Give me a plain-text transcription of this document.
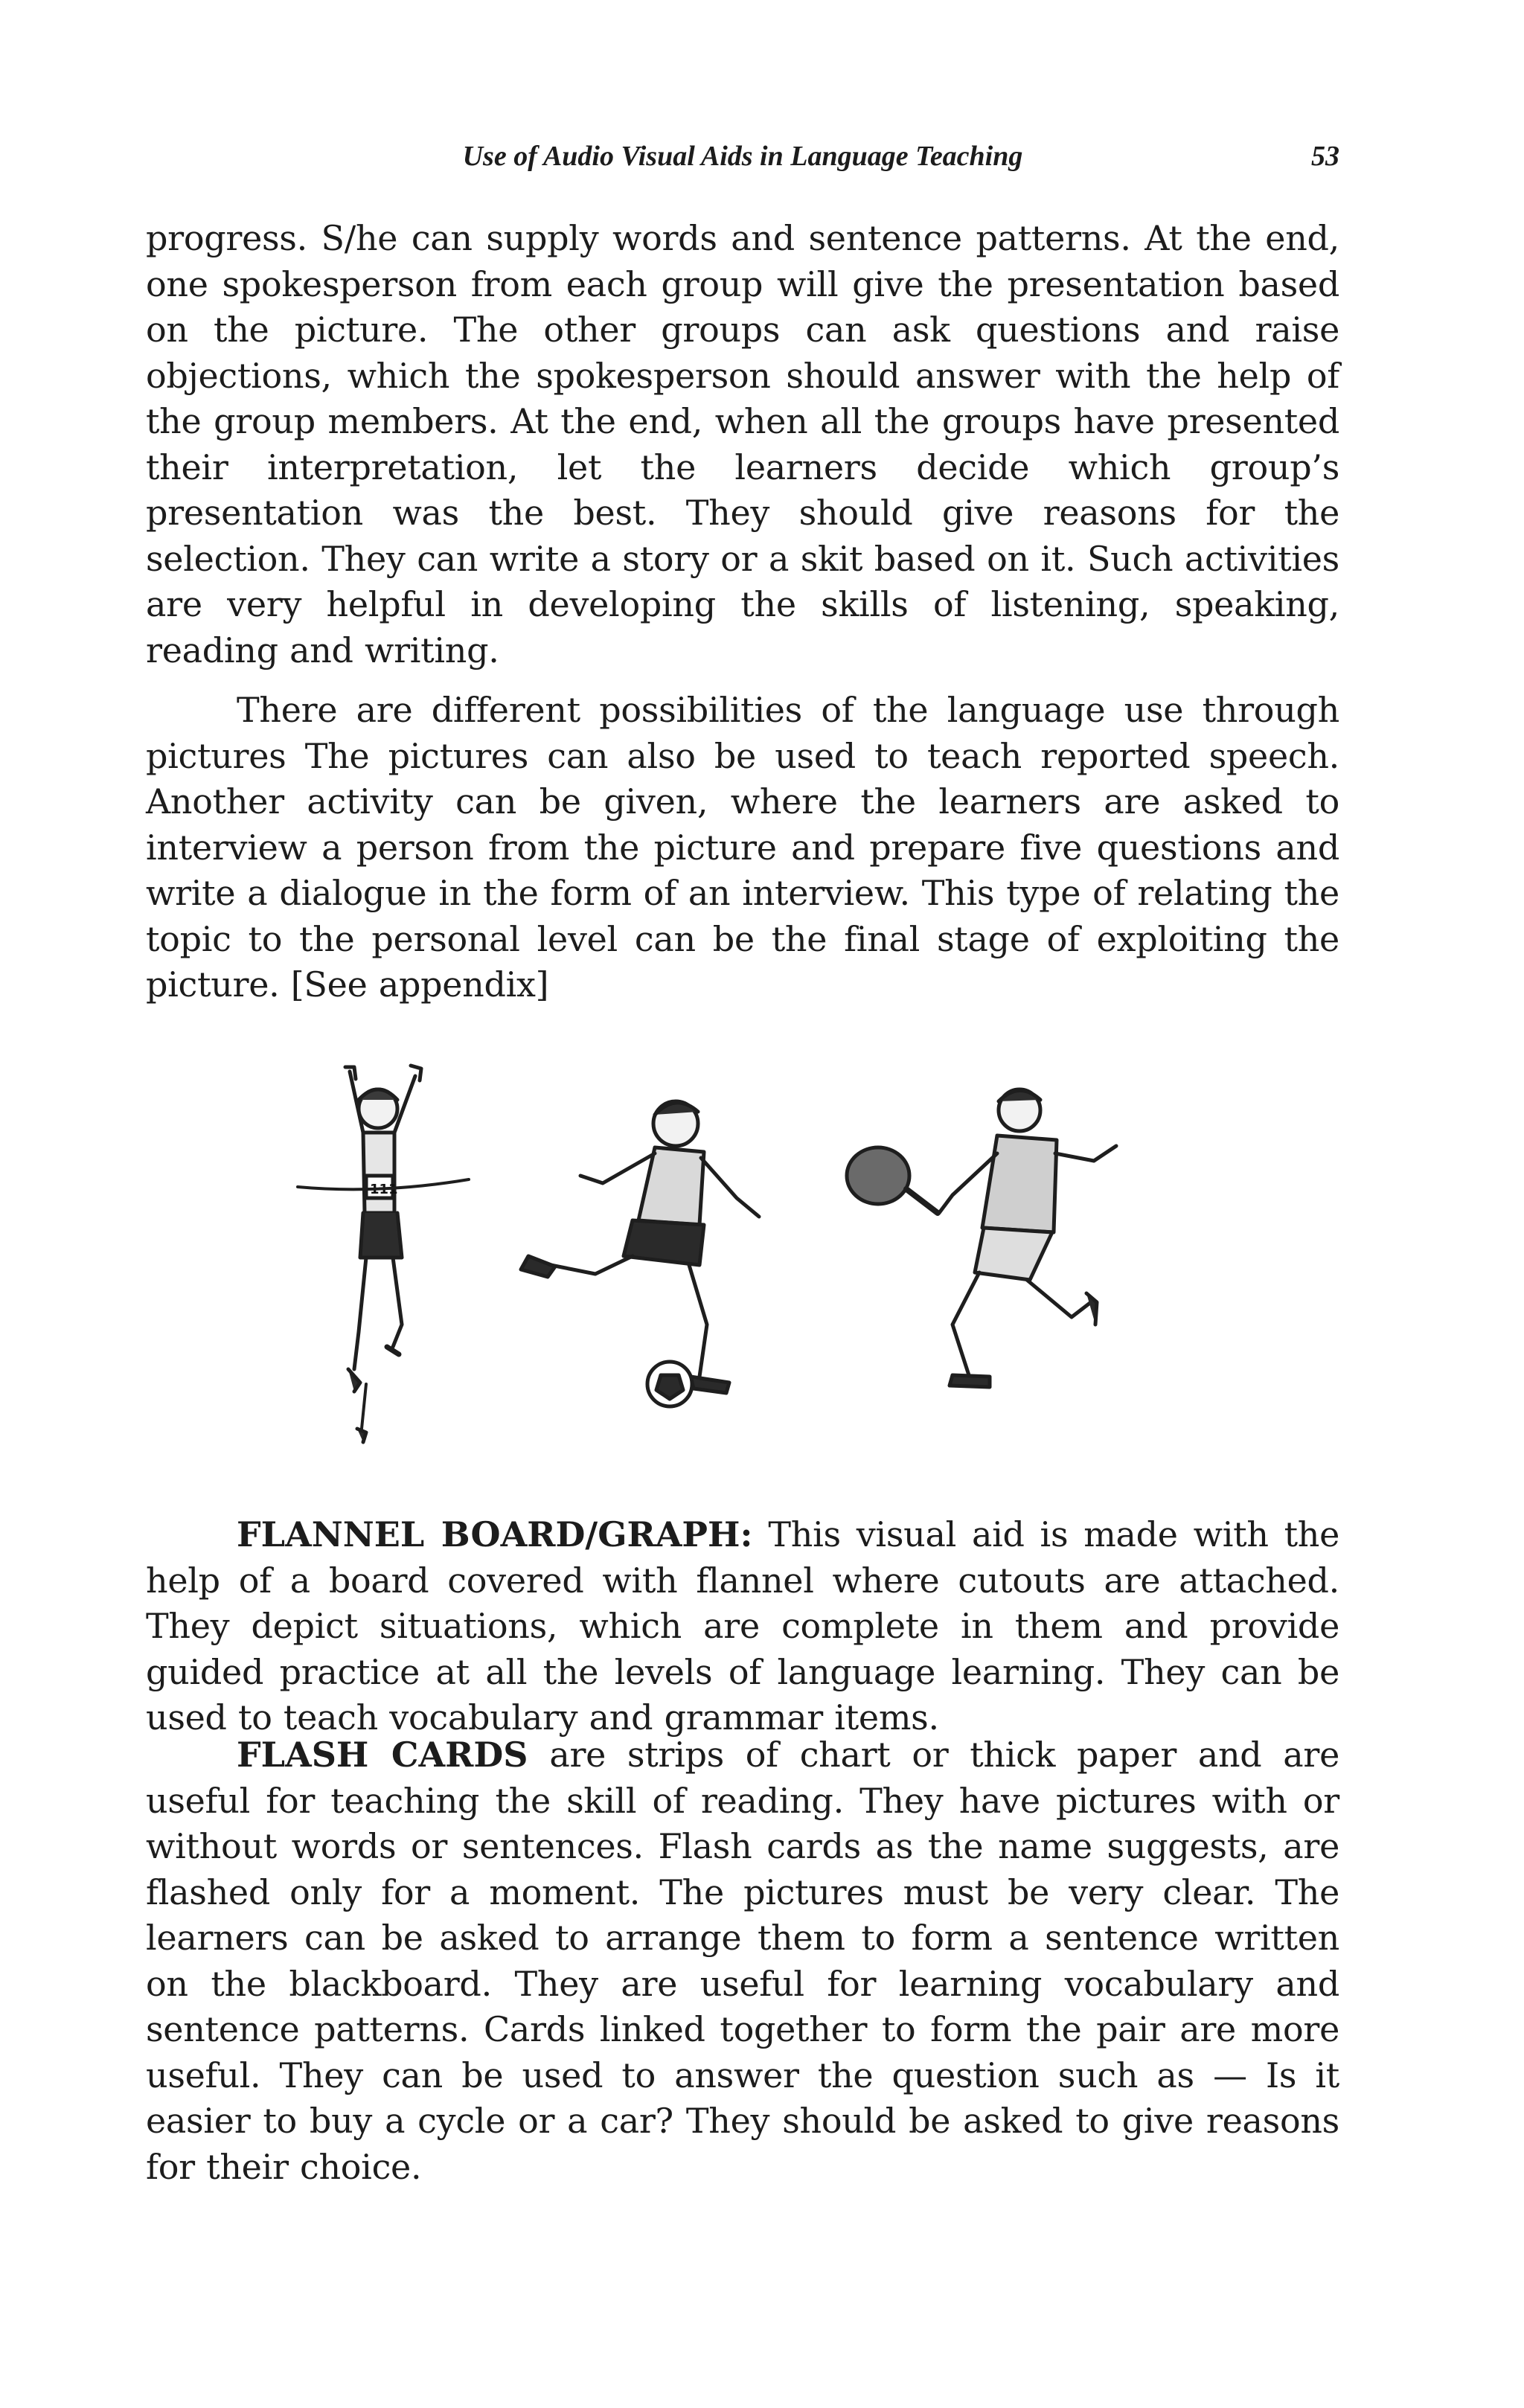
Use of Audio Visual Aids in Language Teaching	53

progress. S/he can supply words and sentence patterns. At the end, one spokesperson from each group will give the presentation based on the picture. The other groups can ask questions and raise objections, which the spokesperson should answer with the help of the group members. At the end, when all the groups have presented their interpretation, let the learners decide which group’s presentation was the best. They should give reasons for the selection. They can write a story or a skit based on it. Such activities are very helpful in developing the skills of listening, speaking, reading and writing.

There are different possibilities of the language use through pictures The pictures can also be used to teach reported speech. Another activity can be given, where the learners are asked to interview a person from the picture and prepare five questions and write a dialogue in the form of an interview. This type of relating the topic to the personal level can be the final stage of exploiting the picture. [See appendix]

111

FLANNEL BOARD/GRAPH: This visual aid is made with the help of a board covered with flannel where cutouts are attached. They depict situations, which are complete in them and provide guided practice at all the levels of language learning. They can be used to teach vocabulary and grammar items.

FLASH CARDS are strips of chart or thick paper and are useful for teaching the skill of reading. They have pictures with or without words or sentences. Flash cards as the name suggests, are flashed only for a moment. The pictures must be very clear. The learners can be asked to arrange them to form a sentence written on the blackboard. They are useful for learning vocabulary and sentence patterns. Cards linked together to form the pair are more useful. They can be used to answer the question such as — Is it easier to buy a cycle or a car? They should be asked to give reasons for their choice.
